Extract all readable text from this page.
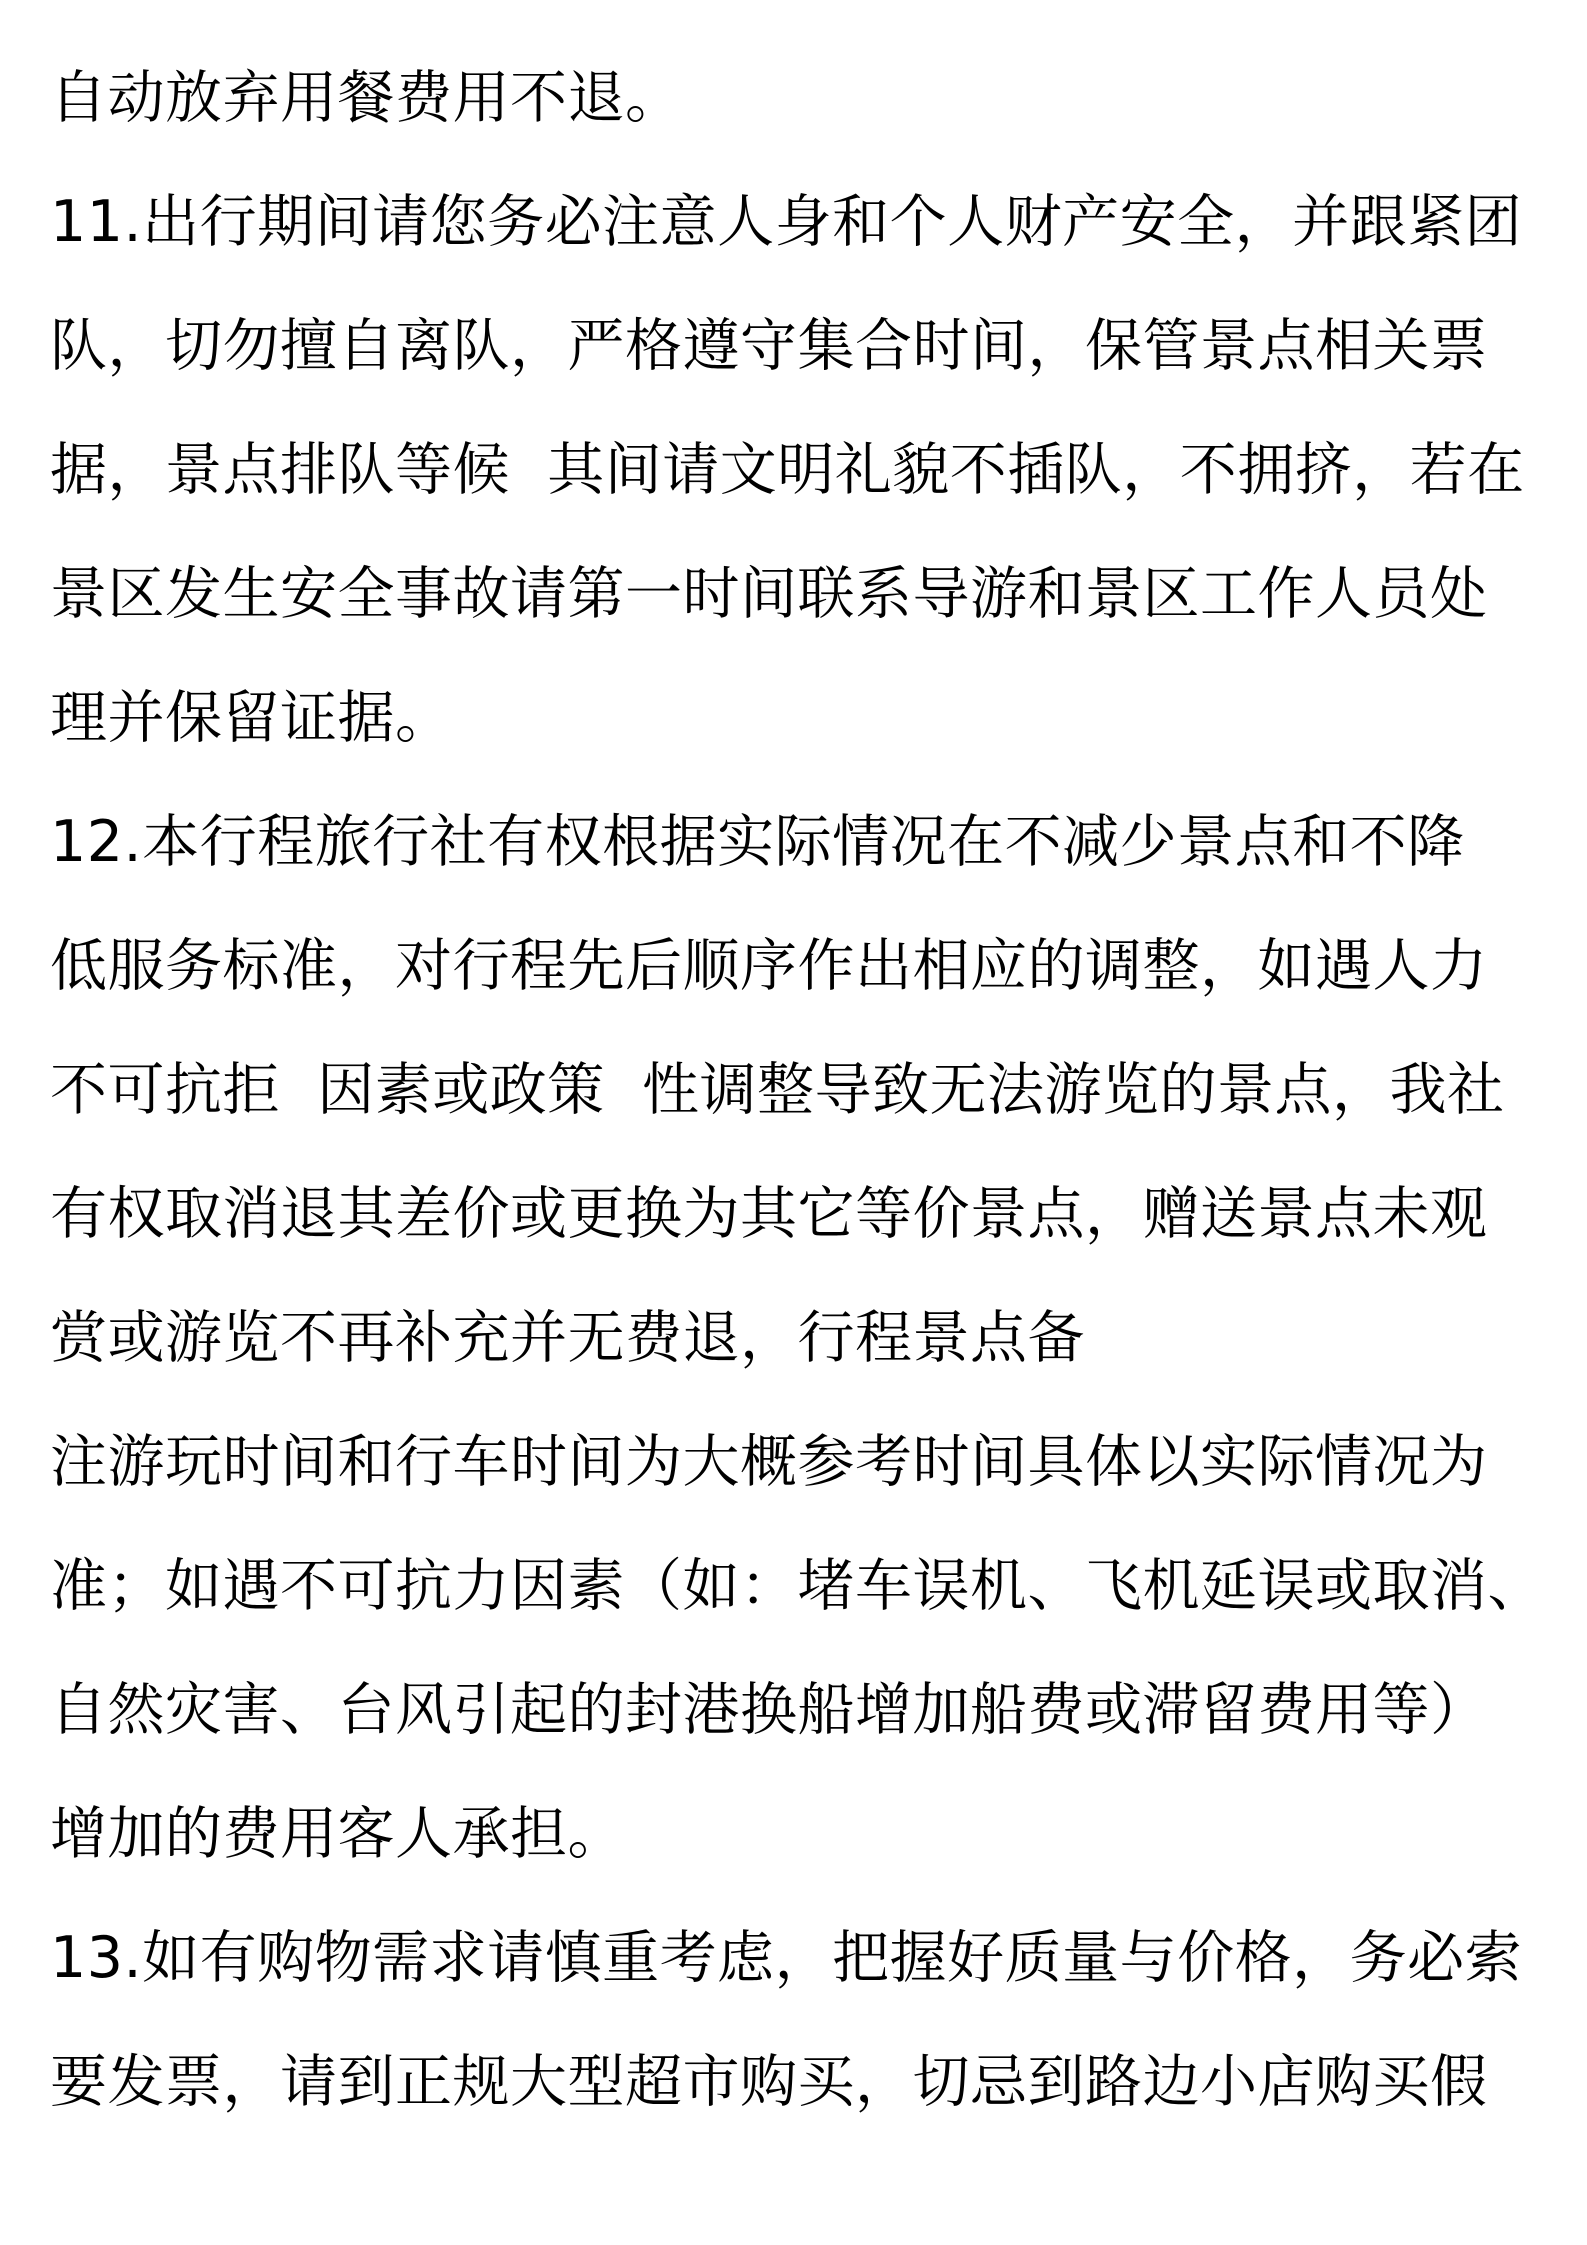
自动放弃用餐费用不退。
11.出行期间请您务必注意人身和个人财产安全，并跟紧团
队，切勿擅自离队，严格遵守集合时间，保管景点相关票
据，景点排队等候  其间请文明礼貌不插队，不拥挤，若在
景区发生安全事故请第一时间联系导游和景区工作人员处
理并保留证据。
12.本行程旅行社有权根据实际情况在不减少景点和不降
低服务标准，对行程先后顺序作出相应的调整，如遇人力
不可抗拒  因素或政策  性调整导致无法游览的景点，我社
有权取消退其差价或更换为其它等价景点，赠送景点未观
赏或游览不再补充并无费退，行程景点备
注游玩时间和行车时间为大概参考时间具体以实际情况为
准；如遇不可抗力因素（如：堵车误机、飞机延误或取消、
自然灾害、台风引起的封港换船增加船费或滞留费用等）
增加的费用客人承担。
13.如有购物需求请慎重考虑，把握好质量与价格，务必索
要发票，请到正规大型超市购买，切忌到路边小店购买假
